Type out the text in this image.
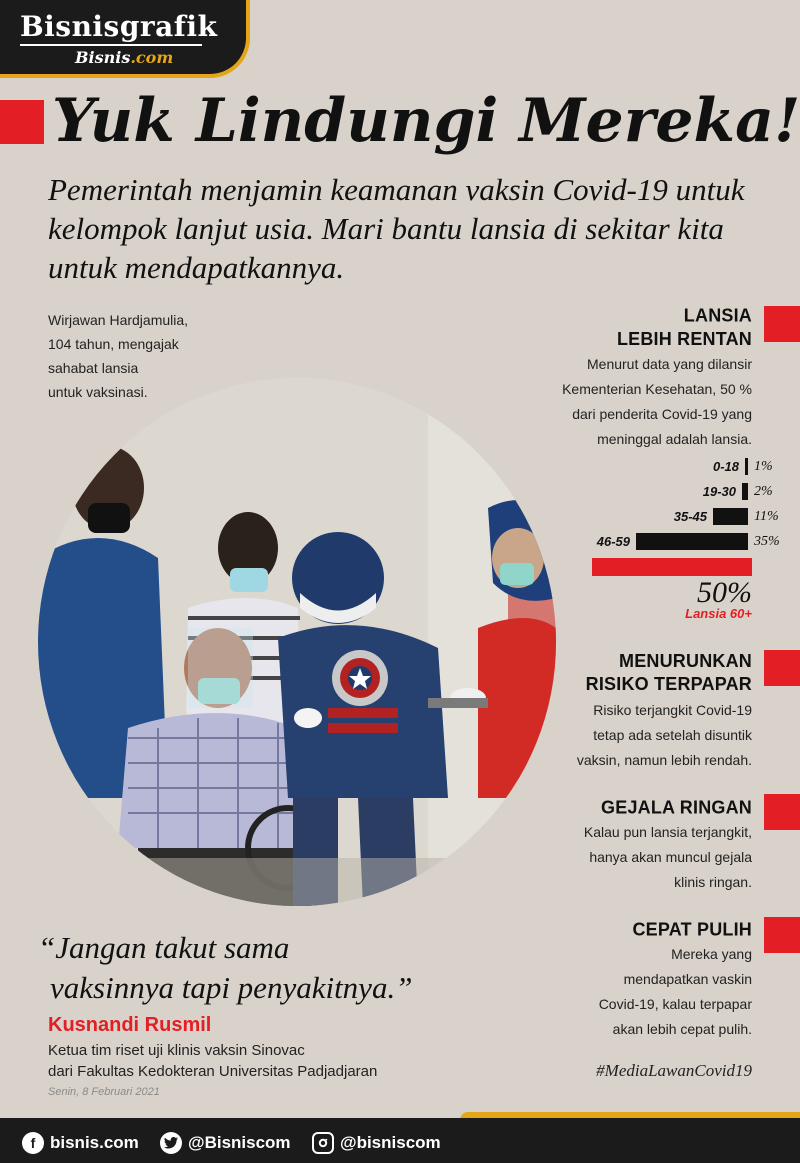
Bisnisgrafik
Bisnis.com
Yuk Lindungi Mereka!
Pemerintah menjamin keamanan vaksin Covid-19 untuk kelompok lanjut usia. Mari bantu lansia di sekitar kita untuk mendapatkannya.
Wirjawan Hardjamulia,
104 tahun, mengajak
sahabat lansia
untuk vaksinasi.
LANSIA
LEBIH RENTAN
Menurut data yang dilansir
Kementerian Kesehatan, 50 %
dari penderita Covid-19 yang
meninggal adalah lansia.
0-18 1%
19-30 2%
35-45	11%
46-59	35%
50%
Lansia 60+
MENURUNKAN
RISIKO TERPAPAR
Risiko terjangkit Covid-19
tetap ada setelah disuntik
vaksin, namun lebih rendah.
GEJALA RINGAN
Kalau pun lansia terjangkit,
hanya akan muncul gejala
klinis ringan.
CEPAT PULIH
Mereka yang
mendapatkan vaskin
Covid-19, kalau terpapar
akan lebih cepat pulih.
“Jangan takut sama
vaksinnya tapi penyakitnya.”
Kusnandi Rusmil
Ketua tim riset uji klinis vaksin Sinovac
dari Fakultas Kedokteran Universitas Padjadjaran
Senin, 8 Februari 2021
#MediaLawanCovid19
f bisnis.com	@Bisniscom	@bisniscom
